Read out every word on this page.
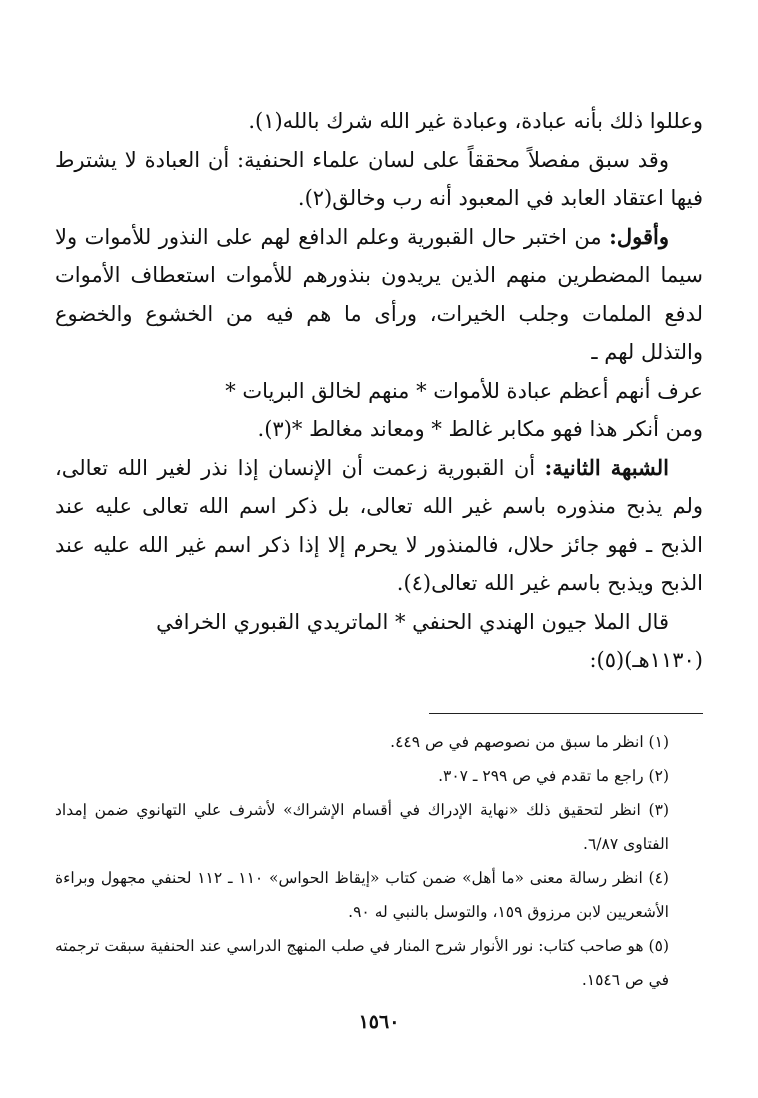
وعللوا ذلك بأنه عبادة، وعبادة غير الله شرك بالله(١).

وقد سبق مفصلاً محققاً على لسان علماء الحنفية: أن العبادة لا يشترط فيها اعتقاد العابد في المعبود أنه رب وخالق(٢).

وأقول: من اختبر حال القبورية وعلم الدافع لهم على النذور للأموات ولا سيما المضطرين منهم الذين يريدون بنذورهم للأموات استعطاف الأموات لدفع الملمات وجلب الخيرات، ورأى ما هم فيه من الخشوع والخضوع والتذلل لهم ـ

عرف أنهم أعظم عبادة للأموات * منهم لخالق البريات *

ومن أنكر هذا فهو مكابر غالط * ومعاند مغالط *(٣).

الشبهة الثانية: أن القبورية زعمت أن الإنسان إذا نذر لغير الله تعالى، ولم يذبح منذوره باسم غير الله تعالى، بل ذكر اسم الله تعالى عليه عند الذبح ـ فهو جائز حلال، فالمنذور لا يحرم إلا إذا ذكر اسم غير الله عليه عند الذبح ويذبح باسم غير الله تعالى(٤).

قال الملا جيون الهندي الحنفي * الماتريدي القبوري الخرافي

(١١٣٠هـ)(٥):

(١) انظر ما سبق من نصوصهم في ص ٤٤٩.

(٢) راجع ما تقدم في ص ٢٩٩ ـ ٣٠٧.

(٣) انظر لتحقيق ذلك «نهاية الإدراك في أقسام الإشراك» لأشرف علي التهانوي ضمن إمداد الفتاوى ٦/٨٧.

(٤) انظر رسالة معنى «ما أهل» ضمن كتاب «إيقاظ الحواس» ١١٠ ـ ١١٢ لحنفي مجهول وبراءة الأشعريين لابن مرزوق ١٥٩، والتوسل بالنبي له ٩٠.

(٥) هو صاحب كتاب: نور الأنوار شرح المنار في صلب المنهج الدراسي عند الحنفية سبقت ترجمته في ص ١٥٤٦.

١٥٦٠
